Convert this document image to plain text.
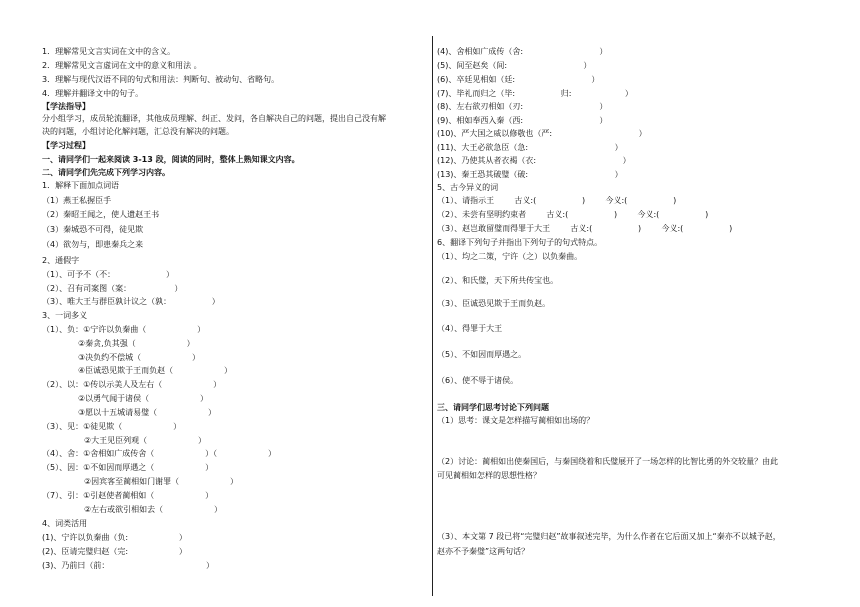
1．理解常见文言实词在文中的含义。
2．理解常见文言虚词在文中的意义和用法 。
3．理解与现代汉语不同的句式和用法：判断句、被动句、省略句。
4．理解并翻译文中的句子。
【学法指导】
分小组学习，成员轮流翻译，其他成员理解、纠正、发问，各自解决自己的问题，提出自己没有解
决的问题，小组讨论化解问题，汇总没有解决的问题。
【学习过程】
一、请同学们一起来阅读 3-13 段，阅读的同时，整体上熟知课文内容。
二、请同学们先完成下列学习内容。
1．解释下面加点词语
（1）燕王私握臣手
（2）秦昭王闻之，使人遗赵王书
（3）秦城恐不可得，徒见欺
（4）欲勿与，即患秦兵之来
2、通假字
（1）、可予不（不：                    ）
（2）、召有司案图（案：                 ）
（3）、唯大王与群臣孰计议之（孰：                ）
3、一词多义
（1）、负：①宁许以负秦曲（                    ）
②秦贪,负其强（                    ）
③决负约不偿城（                    ）
④臣诚恐见欺于王而负赵（                    ）
（2）、以：①传以示美人及左右（                    ）
②以勇气闻于诸侯（                    ）
③愿以十五城请易璧（                    ）
（3）、见：①徒见欺（                    ）
②大王见臣列观（                    ）
（4）、舍：①舍相如广成传舍（                    ）（                    ）
（5）、因：①不如因而厚遇之（                    ）
②因宾客至蔺相如门谢罪（                    ）
（7）、引：①引赵使者蔺相如（                    ）
②左右或欲引相如去（                    ）
4、词类活用
(1)、宁许以负秦曲（负:                    ）
(2)、臣请完璧归赵（完:                    ）
(3)、乃前曰（前：                                      ）
(4)、舍相如广成传（舍:                              ）
(5)、间至赵矣（间:                              ）
(6)、卒廷见相如（廷:                              ）
(7)、毕礼而归之（毕:                  归:                     ）
(8)、左右欲刃相如（刃:                              ）
(9)、相如奉西入秦（西:                              ）
(10)、严大国之威以修敬也（严:                                  ）
(11)、大王必欲急臣（急:                                  ）
(12)、乃使其从者衣褐（衣:                                  ）
(13)、秦王恐其破璧（破:                                  ）
5、古今异义的词
（1）、请指示王        古义:(                  )        今义:(                  )
（2）、未尝有坚明约束者        古义:(                  )        今义:(                  )
（3）、赵岂敢留璧而得罪于大王        古义:(                  )        今义:(                  )
6、翻译下列句子并指出下列句子的句式特点。
（1）、均之二策，宁许（之）以负秦曲。
（2）、和氏璧，天下所共传宝也。
（3）、臣诚恐见欺于王而负赵。
（4）、得罪于大王
（5）、不如因而厚遇之。
（6）、使不辱于诸侯。
三、请同学们思考讨论下列问题
（1）思考：课文是怎样描写蔺相如出场的？
（2）讨论：蔺相如出使秦国后，与秦国绕着和氏璧展开了一场怎样的比智比勇的外交较量？由此
可见蔺相如怎样的思想性格？
（3）、本文第 7 段已将“完璧归赵”故事叙述完毕，为什么作者在它后面又加上“秦亦不以城予赵，
赵亦不予秦璧”这两句话？
